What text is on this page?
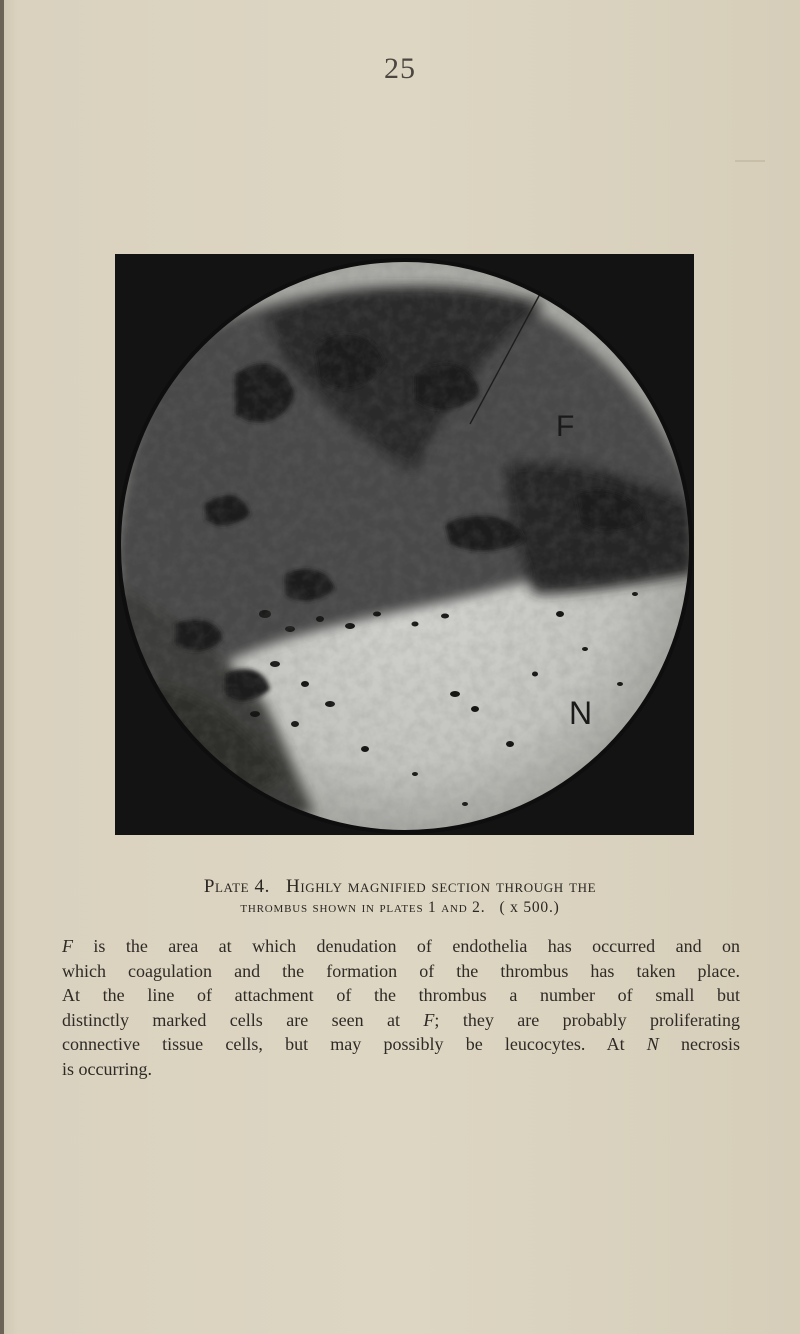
25
F
N
Plate 4. Highly magnified section through the
thrombus shown in plates 1 and 2. ( x 500.)
F is the area at which denudation of endothelia has occurred and on
which coagulation and the formation of the thrombus has taken place.
At the line of attachment of the thrombus a number of small but
distinctly marked cells are seen at F; they are probably proliferating
connective tissue cells, but may possibly be leucocytes. At N necrosis
is occurring.
